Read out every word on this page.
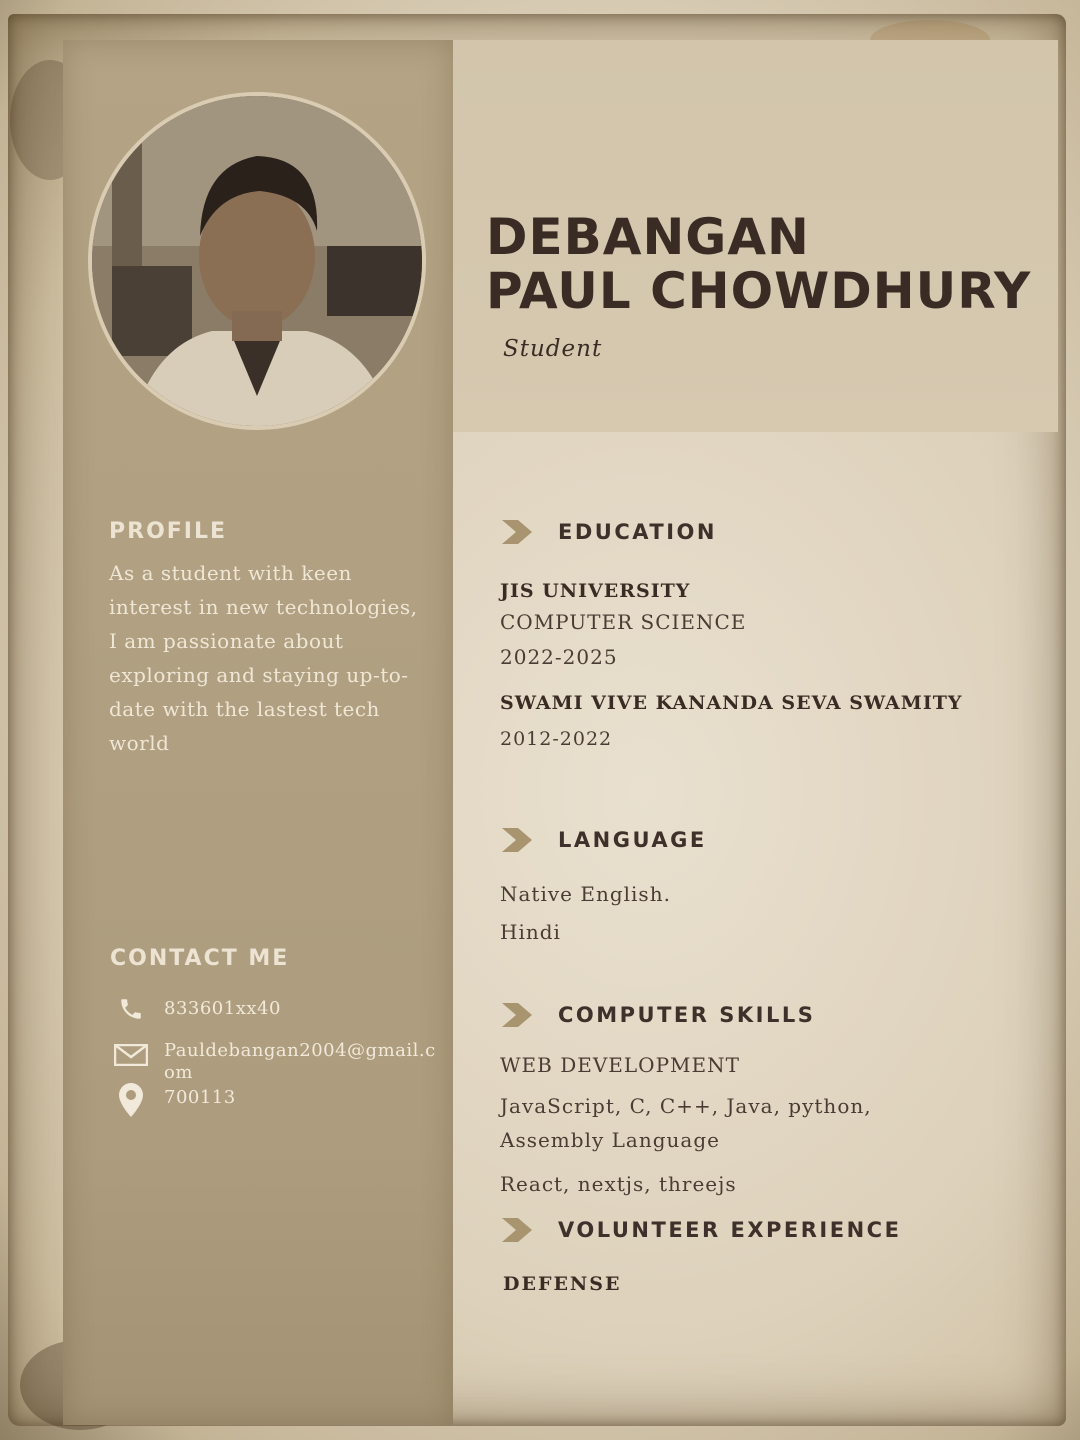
DEBANGAN
PAUL CHOWDHURY
Student
PROFILE

As a student with keen interest in new technologies, I am passionate about exploring and staying up-to-date with the lastest tech world

CONTACT ME
833601xx40
Pauldebangan2004@gmail.com
700113
EDUCATION
JIS UNIVERSITY
COMPUTER SCIENCE
2022-2025
SWAMI VIVE KANANDA SEVA SWAMITY
2012-2022
LANGUAGE
Native English.
Hindi
COMPUTER SKILLS
WEB DEVELOPMENT
JavaScript, C, C++, Java, python, Assembly Language
React, nextjs, threejs
VOLUNTEER EXPERIENCE
DEFENSE
